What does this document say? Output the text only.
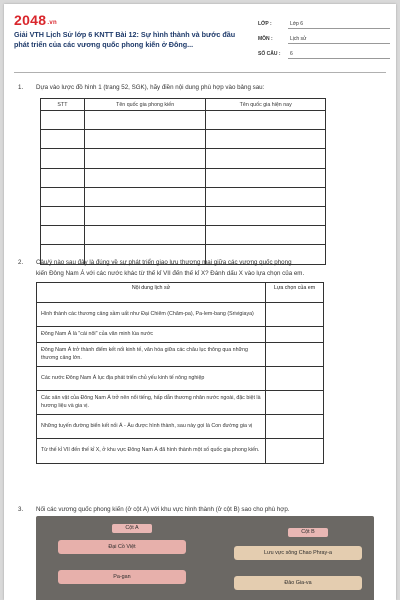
2048.vn
Giải VTH Lịch Sử lớp 6 KNTT Bài 12: Sự hình thành và bước đầu phát triển của các vương quốc phong kiến ở Đông...
LỚP :	Lớp 6
MÔN :	Lịch sử
SỐ CÂU : 6
1. Dựa vào lược đồ hình 1 (trang 52, SGK), hãy điền nội dung phù hợp vào bảng sau:
STT	Tên quốc gia phong kiến	Tên quốc gia hiện nay

2. Câu/ý nào sau đây là đúng về sự phát triển giao lưu thương mại giữa các vương quốc phong
kiến Đông Nam Á với các nước khác từ thế kỉ VII đến thế kỉ X? Đánh dấu X vào lựa chọn của em.
Nội dung lịch sử	Lựa chọn của em
Hình thành các thương cảng sầm uất như Đại Chiêm (Chăm-pa), Pa-lem-bang (Srivigiaya)	
Đông Nam Á là "cái nôi" của văn minh lúa nước	
Đông Nam Á trở thành điểm kết nối kinh tế, văn hóa giữa các châu lục thông qua những thương cảng lớn.	
Các nước Đông Nam Á lục địa phát triển chủ yếu kinh tế nông nghiệp	
Các sản vật của Đông Nam Á trở nên nổi tiếng, hấp dẫn thương nhân nước ngoài, đặc biệt là hương liệu và gia vị.	
Những tuyến đường biển kết nối Á - Âu được hình thành, sau này gọi là Con đường gia vị	
Từ thế kỉ VII đến thế kỉ X, ở khu vực Đông Nam Á đã hình thành một số quốc gia phong kiến.	
3. Nối các vương quốc phong kiến (ở cột A) với khu vực hình thành (ở cột B) sao cho phù hợp.
Cột A
Cột B
Đại Cồ Việt
Lưu vực sông Chao Phray-a
Pa-gan
Đảo Gia-va
